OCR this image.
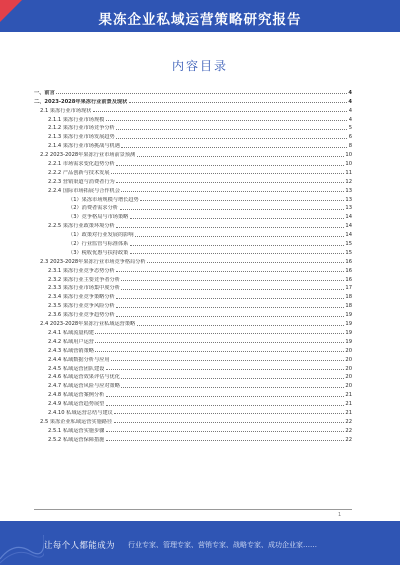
果冻企业私域运营策略研究报告
内容目录
一、前言	4
二、2023-2028年果冻行业前景及现状	4
2.1 果冻行业市场现状	4
2.1.1 果冻行业市场规模	4
2.1.2 果冻行业市场竞争分析	5
2.1.3 果冻行业市场发展趋势	6
2.1.4 果冻行业市场挑战与机遇	8
2.2 2023-2028年果冻行业市场前景预测	10
2.2.1 市场需求变化趋势分析	10
2.2.2 产品创新与技术发展	11
2.2.3 营销渠道与消费者行为	12
2.2.4 国际市场拓展与合作机会	13
（1）果冻市场规模与增长趋势	13
（2）消费者需求分析	13
（3）竞争格局与市场策略	14
2.2.5 果冻行业政策环境分析	14
（1）政策对行业发展的影响	14
（2）行业监管与标准体系	15
（3）税收优惠与扶持政策	15
2.3 2023-2028年果冻行业市场竞争格局分析	16
2.3.1 果冻行业竞争态势分析	16
2.3.2 果冻行业主要竞争者分析	16
2.3.3 果冻行业市场集中度分析	17
2.3.4 果冻行业竞争策略分析	18
2.3.5 果冻行业竞争风险分析	18
2.3.6 果冻行业竞争趋势分析	19
2.4 2023-2028年果冻行业私域运营策略	19
2.4.1 私域流量构建	19
2.4.2 私域用户运营	19
2.4.3 私域营销策略	20
2.4.4 私域数据分析与应用	20
2.4.5 私域运营团队建设	20
2.4.6 私域运营效果评估与优化	20
2.4.7 私域运营风险与应对策略	20
2.4.8 私域运营案例分析	21
2.4.9 私域运营趋势展望	21
2.4.10 私域运营总结与建议	21
2.5 果冻企业私域运营实施路径	22
2.5.1 私域运营实施步骤	22
2.5.2 私域运营保障措施	22
1
让每个人都能成为 行业专家、管理专家、营销专家、战略专家、成功企业家……
